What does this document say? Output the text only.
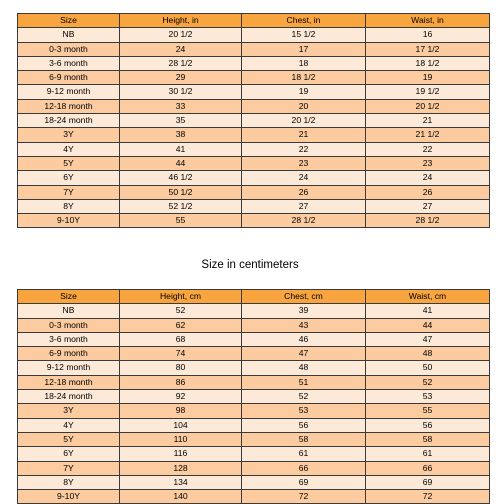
Size	Height, in	Chest, in	Waist, in
NB	20 1/2	15 1/2	16
0-3 month	24	17	17 1/2
3-6 month	28 1/2	18	18 1/2
6-9 month	29	18 1/2	19
9-12 month	30 1/2	19	19 1/2
12-18 month	33	20	20 1/2
18-24 month	35	20 1/2	21
3Y	38	21	21 1/2
4Y	41	22	22
5Y	44	23	23
6Y	46 1/2	24	24
7Y	50 1/2	26	26
8Y	52 1/2	27	27
9-10Y	55	28 1/2	28 1/2
Size in centimeters
Size	Height, cm	Chest, cm	Waist, cm
NB	52	39	41
0-3 month	62	43	44
3-6 month	68	46	47
6-9 month	74	47	48
9-12 month	80	48	50
12-18 month	86	51	52
18-24 month	92	52	53
3Y	98	53	55
4Y	104	56	56
5Y	110	58	58
6Y	116	61	61
7Y	128	66	66
8Y	134	69	69
9-10Y	140	72	72
